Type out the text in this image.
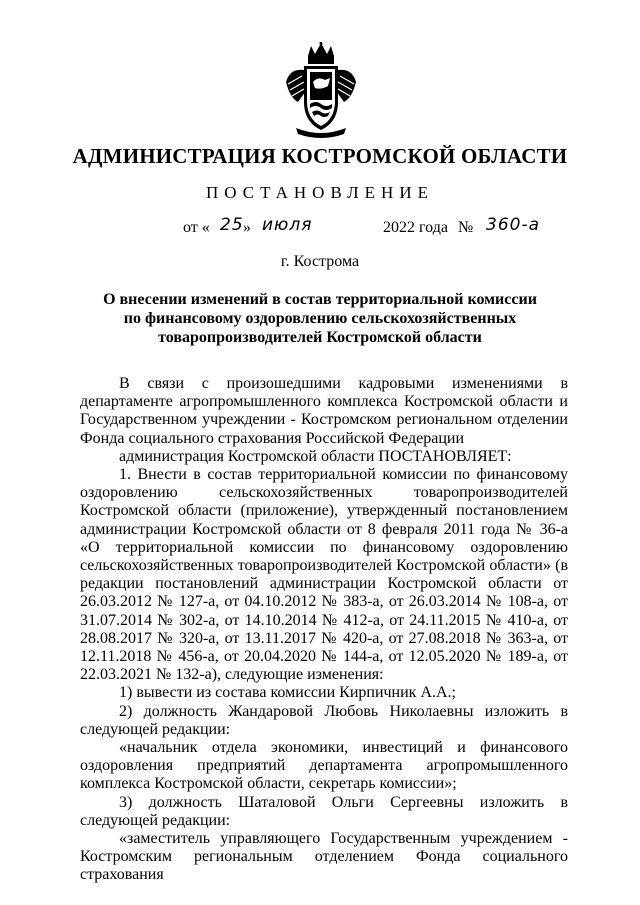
АДМИНИСТРАЦИЯ КОСТРОМСКОЙ ОБЛАСТИ
ПОСТАНОВЛЕНИЕ
от « 25 » июля	2022 года № 360-а
г. Кострома
О внесении изменений в состав территориальной комиссии
по финансовому оздоровлению сельскохозяйственных
товаропроизводителей Костромской области

В связи с произошедшими кадровыми изменениями в департаменте агропромышленного комплекса Костромской области и Государственном учреждении - Костромском региональном отделении Фонда социального страхования Российской Федерации

администрация Костромской области ПОСТАНОВЛЯЕТ:

1. Внести в состав территориальной комиссии по финансовому оздоровлению сельскохозяйственных товаропроизводителей Костромской области (приложение), утвержденный постановлением администрации Костромской области от 8 февраля 2011 года № 36-а «О территориальной комиссии по финансовому оздоровлению сельскохозяйственных товаропроизводителей Костромской области» (в редакции постановлений администрации Костромской области от 26.03.2012 № 127-а, от 04.10.2012 № 383-а, от 26.03.2014 № 108-а, от 31.07.2014 № 302-а, от 14.10.2014 № 412-а, от 24.11.2015 № 410-а, от 28.08.2017 № 320-а, от 13.11.2017 № 420-а, от 27.08.2018 № 363-а, от 12.11.2018 № 456-а, от 20.04.2020 № 144-а, от 12.05.2020 № 189-а, от 22.03.2021 № 132-а), следующие изменения:

1) вывести из состава комиссии Кирпичник А.А.;

2) должность Жандаровой Любовь Николаевны изложить в следующей редакции:

«начальник отдела экономики, инвестиций и финансового оздоровления предприятий департамента агропромышленного комплекса Костромской области, секретарь комиссии»;

3) должность Шаталовой Ольги Сергеевны изложить в следующей редакции:

«заместитель управляющего Государственным учреждением - Костромским региональным отделением Фонда социального страхования
